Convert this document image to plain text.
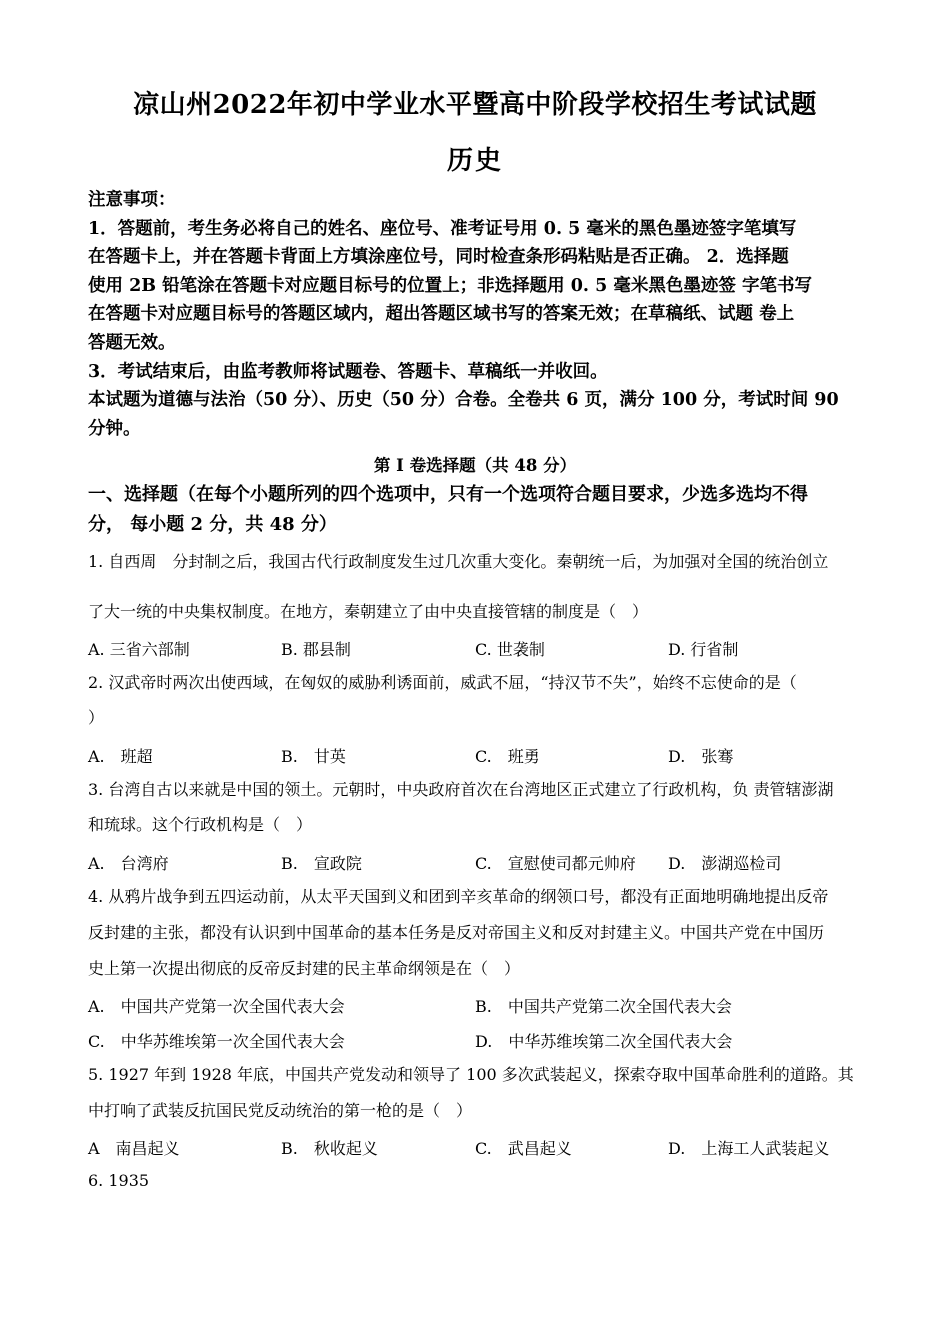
凉山州2022年初中学业水平暨高中阶段学校招生考试试题
历史

注意事项：

1．答题前，考生务必将自己的姓名、座位号、准考证号用 0. 5 毫米的黑色墨迹签字笔填写

在答题卡上，并在答题卡背面上方填涂座位号，同时检查条形码粘贴是否正确。 2．选择题

使用 2B 铅笔涂在答题卡对应题目标号的位置上；非选择题用 0. 5 毫米黑色墨迹签 字笔书写

在答题卡对应题目标号的答题区域内，超出答题区域书写的答案无效；在草稿纸、试题 卷上

答题无效。

3．考试结束后，由监考教师将试题卷、答题卡、草稿纸一并收回。

本试题为道德与法治（50 分）、历史（50 分）合卷。全卷共 6 页，满分 100 分，考试时间 90

分钟。

第 I 卷选择题（共 48 分）
一、选择题（在每个小题所列的四个选项中，只有一个选项符合题目要求，少选多选均不得
分， 每小题 2 分，共 48 分）
1. 自西周　分封制之后，我国古代行政制度发生过几次重大变化。秦朝统一后，为加强对全国的统治创立
了大一统的中央集权制度。在地方，秦朝建立了由中央直接管辖的制度是（　）
A. 三省六部制	B. 郡县制	C. 世袭制	D. 行省制
2. 汉武帝时两次出使西域，在匈奴的威胁利诱面前，威武不屈，“持汉节不失”，始终不忘使命的是（
）
A.　班超	B.　甘英	C.　班勇	D.　张骞
3. 台湾自古以来就是中国的领土。元朝时，中央政府首次在台湾地区正式建立了行政机构，负 责管辖澎湖
和琉球。这个行政机构是（　）
A.　台湾府	B.　宣政院	C.　宣慰使司都元帅府 D.　澎湖巡检司
4. 从鸦片战争到五四运动前，从太平天国到义和团到辛亥革命的纲领口号，都没有正面地明确地提出反帝
反封建的主张，都没有认识到中国革命的基本任务是反对帝国主义和反对封建主义。中国共产党在中国历
史上第一次提出彻底的反帝反封建的民主革命纲领是在（　）
A.　中国共产党第一次全国代表大会	B.　中国共产党第二次全国代表大会
C.　中华苏维埃第一次全国代表大会	D.　中华苏维埃第二次全国代表大会
5. 1927 年到 1928 年底，中国共产党发动和领导了 100 多次武装起义，探索夺取中国革命胜利的道路。其
中打响了武装反抗国民党反动统治的第一枪的是（　）
A　南昌起义	B.　秋收起义	C.　武昌起义	D.　上海工人武装起义
6. 1935
